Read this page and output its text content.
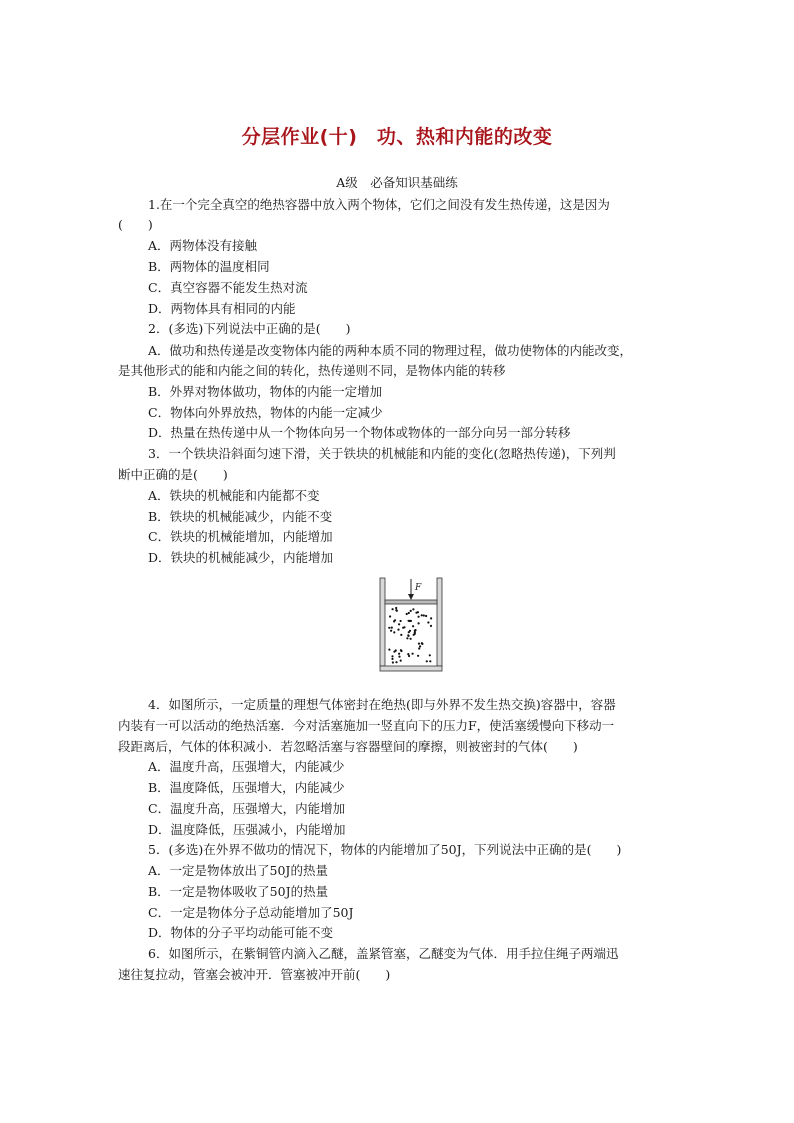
分层作业(十)　功、热和内能的改变
A级　必备知识基础练
1.在一个完全真空的绝热容器中放入两个物体，它们之间没有发生热传递，这是因为
(　　)
A．两物体没有接触
B．两物体的温度相同
C．真空容器不能发生热对流
D．两物体具有相同的内能
2．(多选)下列说法中正确的是(　　)
A．做功和热传递是改变物体内能的两种本质不同的物理过程，做功使物体的内能改变，
是其他形式的能和内能之间的转化，热传递则不同，是物体内能的转移
B．外界对物体做功，物体的内能一定增加
C．物体向外界放热，物体的内能一定减少
D．热量在热传递中从一个物体向另一个物体或物体的一部分向另一部分转移
3．一个铁块沿斜面匀速下滑，关于铁块的机械能和内能的变化(忽略热传递)，下列判
断中正确的是(　　)
A．铁块的机械能和内能都不变
B．铁块的机械能减少，内能不变
C．铁块的机械能增加，内能增加
D．铁块的机械能减少，内能增加
4．如图所示，一定质量的理想气体密封在绝热(即与外界不发生热交换)容器中，容器
内装有一可以活动的绝热活塞．今对活塞施加一竖直向下的压力F，使活塞缓慢向下移动一
段距离后，气体的体积减小．若忽略活塞与容器壁间的摩擦，则被密封的气体(　　)
A．温度升高，压强增大，内能减少
B．温度降低，压强增大，内能减少
C．温度升高，压强增大，内能增加
D．温度降低，压强减小，内能增加
5．(多选)在外界不做功的情况下，物体的内能增加了50J，下列说法中正确的是(　　)
A．一定是物体放出了50J的热量
B．一定是物体吸收了50J的热量
C．一定是物体分子总动能增加了50J
D．物体的分子平均动能可能不变
6．如图所示，在紫铜管内滴入乙醚，盖紧管塞，乙醚变为气体．用手拉住绳子两端迅
速往复拉动，管塞会被冲开．管塞被冲开前(　　)
F
